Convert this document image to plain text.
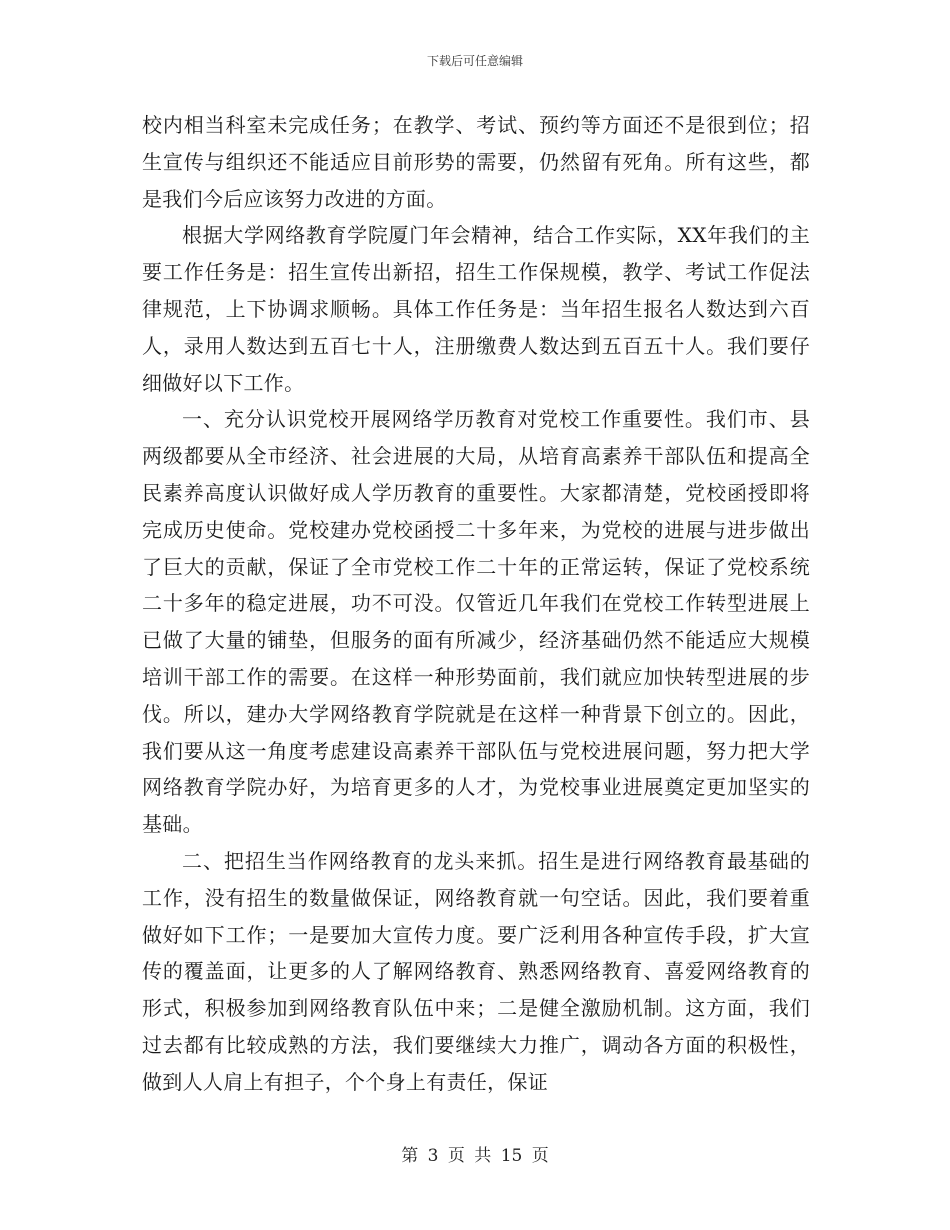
下载后可任意编辑

校内相当科室未完成任务；在教学、考试、预约等方面还不是很到位；招生宣传与组织还不能适应目前形势的需要，仍然留有死角。所有这些，都是我们今后应该努力改进的方面。

根据大学网络教育学院厦门年会精神，结合工作实际，XX年我们的主要工作任务是：招生宣传出新招，招生工作保规模，教学、考试工作促法律规范，上下协调求顺畅。具体工作任务是：当年招生报名人数达到六百人，录用人数达到五百七十人，注册缴费人数达到五百五十人。我们要仔细做好以下工作。

一、充分认识党校开展网络学历教育对党校工作重要性。我们市、县两级都要从全市经济、社会进展的大局，从培育高素养干部队伍和提高全民素养高度认识做好成人学历教育的重要性。大家都清楚，党校函授即将完成历史使命。党校建办党校函授二十多年来，为党校的进展与进步做出了巨大的贡献，保证了全市党校工作二十年的正常运转，保证了党校系统二十多年的稳定进展，功不可没。仅管近几年我们在党校工作转型进展上已做了大量的铺垫，但服务的面有所减少，经济基础仍然不能适应大规模培训干部工作的需要。在这样一种形势面前，我们就应加快转型进展的步伐。所以，建办大学网络教育学院就是在这样一种背景下创立的。因此，我们要从这一角度考虑建设高素养干部队伍与党校进展问题，努力把大学网络教育学院办好，为培育更多的人才，为党校事业进展奠定更加坚实的基础。

二、把招生当作网络教育的龙头来抓。招生是进行网络教育最基础的工作，没有招生的数量做保证，网络教育就一句空话。因此，我们要着重做好如下工作；一是要加大宣传力度。要广泛利用各种宣传手段，扩大宣传的覆盖面，让更多的人了解网络教育、熟悉网络教育、喜爱网络教育的形式，积极参加到网络教育队伍中来；二是健全激励机制。这方面，我们过去都有比较成熟的方法，我们要继续大力推广，调动各方面的积极性，做到人人肩上有担子，个个身上有责任，保证

第 3 页 共 15 页
